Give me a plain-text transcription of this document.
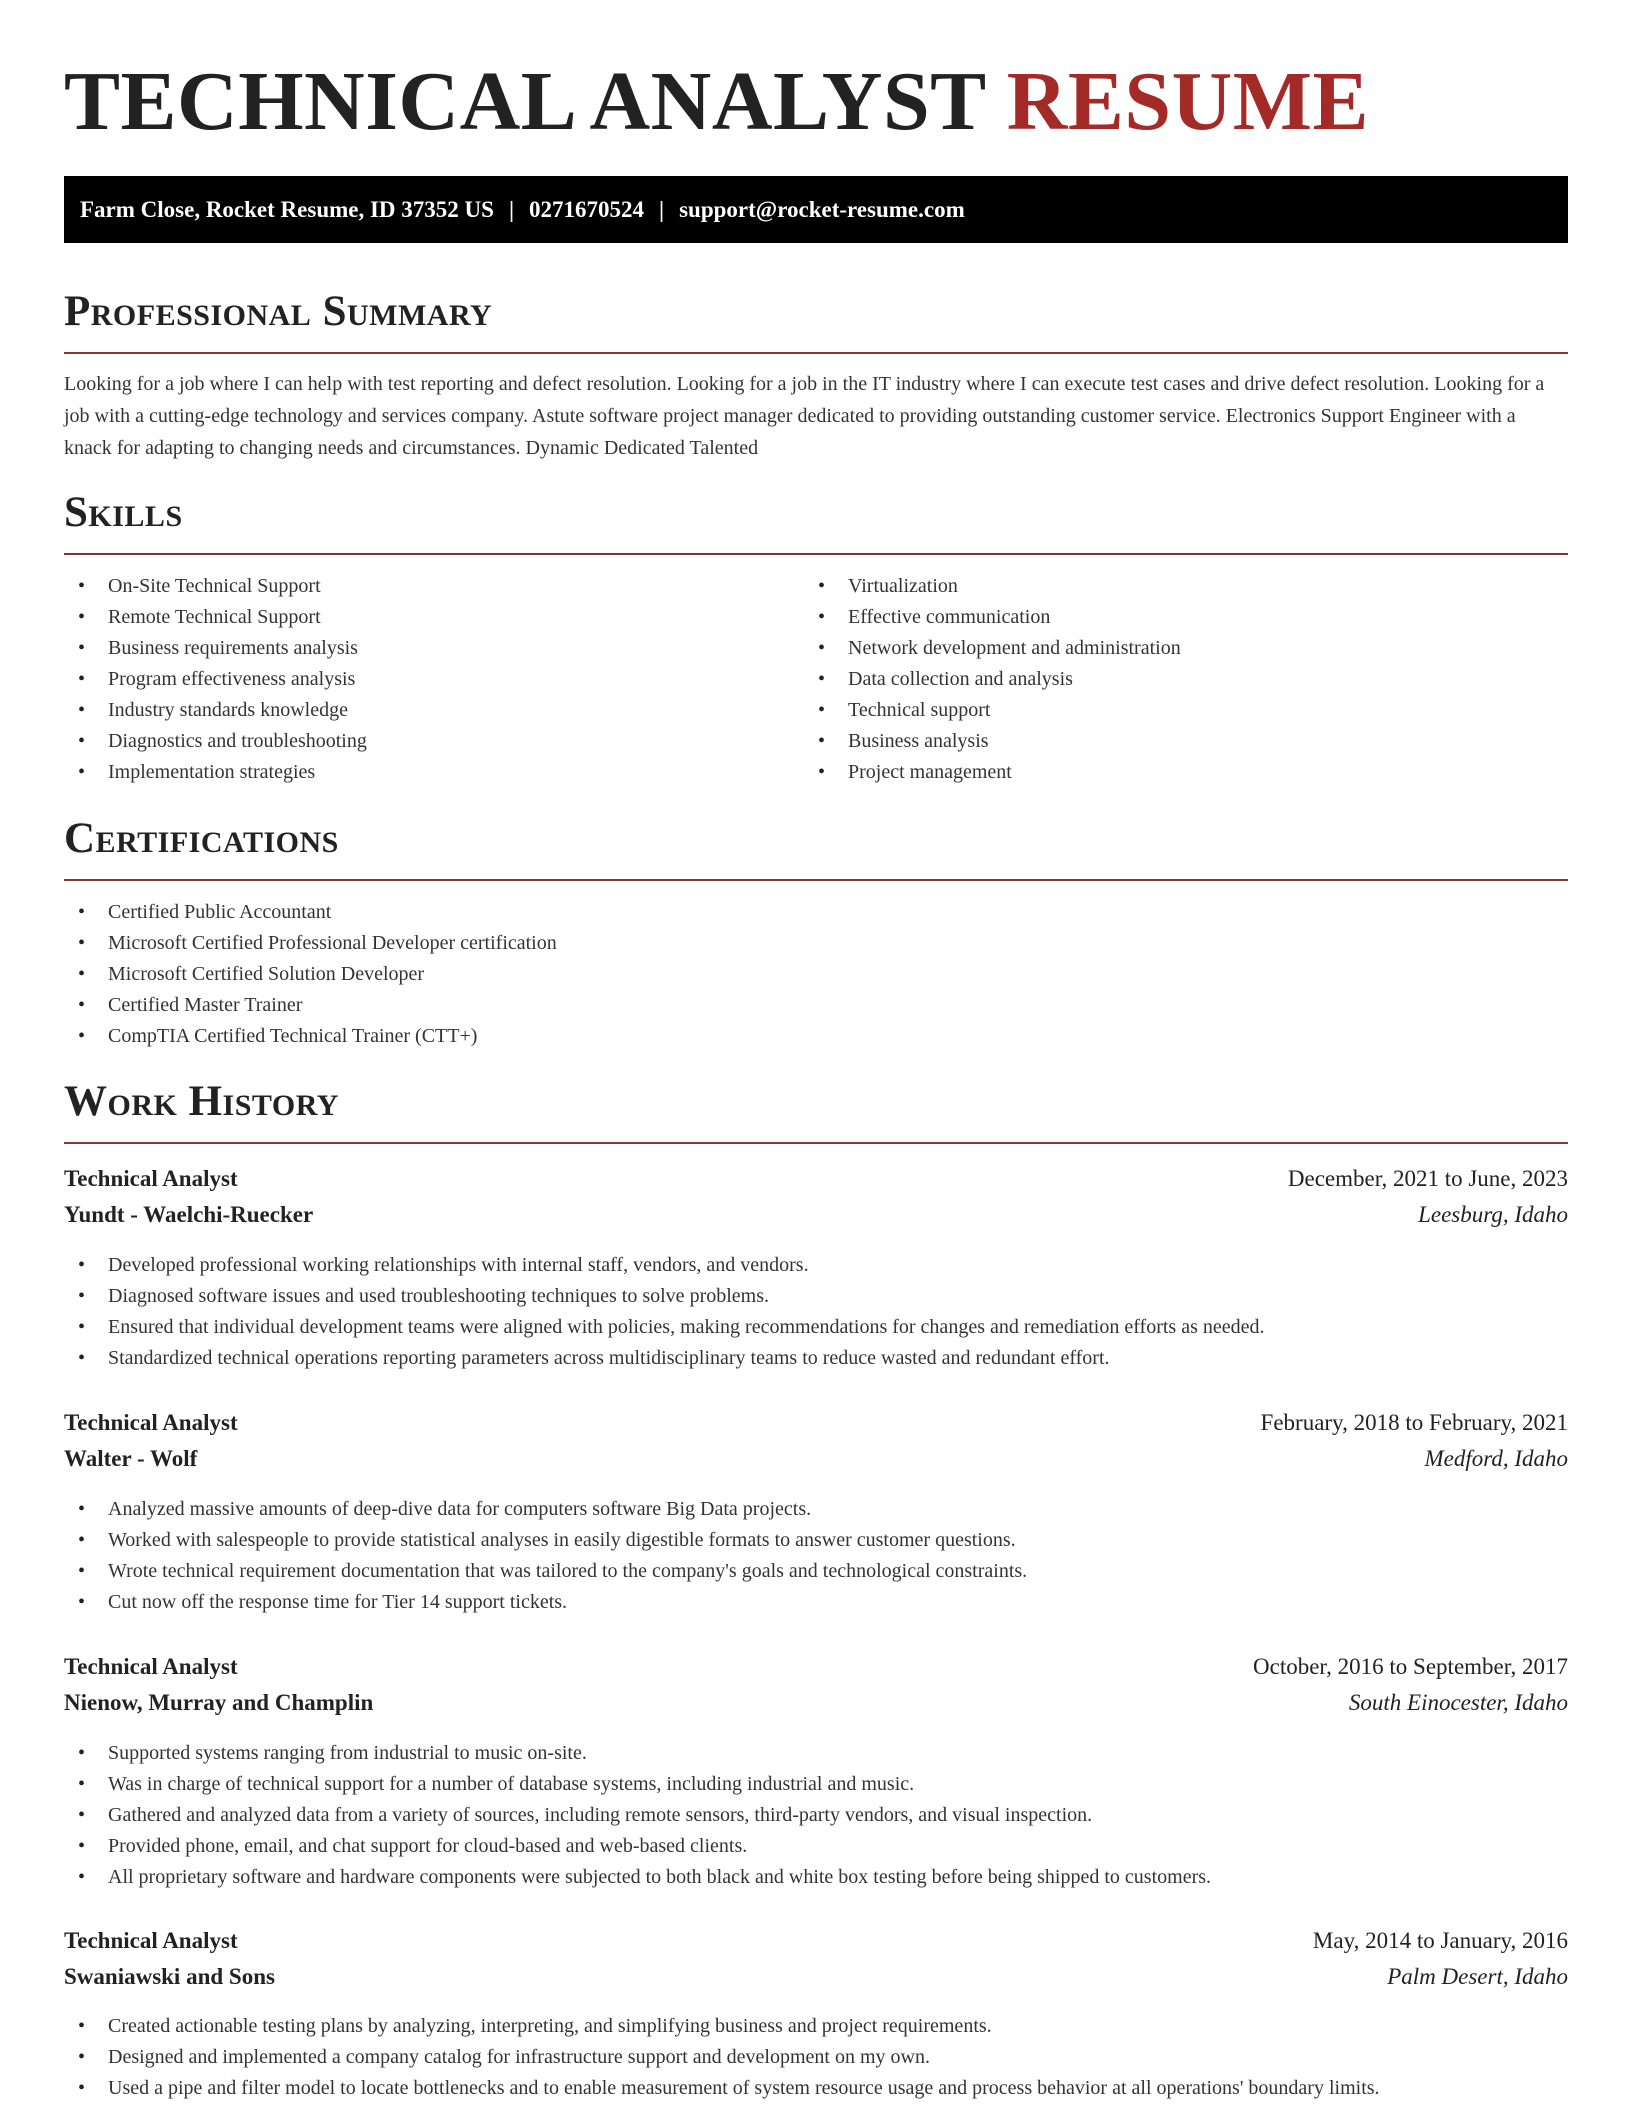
TECHNICAL ANALYST RESUME
Farm Close, Rocket Resume, ID 37352 US | 0271670524 | support@rocket-resume.com
Professional Summary

Looking for a job where I can help with test reporting and defect resolution. Looking for a job in the IT industry where I can execute test cases and drive defect resolution. Looking for a job with a cutting-edge technology and services company. Astute software project manager dedicated to providing outstanding customer service. Electronics Support Engineer with a knack for adapting to changing needs and circumstances. Dynamic Dedicated Talented

Skills
• On-Site Technical Support
• Remote Technical Support
• Business requirements analysis
• Program effectiveness analysis
• Industry standards knowledge
• Diagnostics and troubleshooting
• Implementation strategies
• Virtualization
• Effective communication
• Network development and administration
• Data collection and analysis
• Technical support
• Business analysis
• Project management
Certifications
• Certified Public Accountant
• Microsoft Certified Professional Developer certification
• Microsoft Certified Solution Developer
• Certified Master Trainer
• CompTIA Certified Technical Trainer (CTT+)
Work History
Technical Analyst	December, 2021 to June, 2023
Yundt - Waelchi-Ruecker	Leesburg, Idaho
• Developed professional working relationships with internal staff, vendors, and vendors.
• Diagnosed software issues and used troubleshooting techniques to solve problems.
• Ensured that individual development teams were aligned with policies, making recommendations for changes and remediation efforts as needed.
• Standardized technical operations reporting parameters across multidisciplinary teams to reduce wasted and redundant effort.
Technical Analyst	February, 2018 to February, 2021
Walter - Wolf	Medford, Idaho
• Analyzed massive amounts of deep-dive data for computers software Big Data projects.
• Worked with salespeople to provide statistical analyses in easily digestible formats to answer customer questions.
• Wrote technical requirement documentation that was tailored to the company's goals and technological constraints.
• Cut now off the response time for Tier 14 support tickets.
Technical Analyst	October, 2016 to September, 2017
Nienow, Murray and Champlin	South Einocester, Idaho
• Supported systems ranging from industrial to music on-site.
• Was in charge of technical support for a number of database systems, including industrial and music.
• Gathered and analyzed data from a variety of sources, including remote sensors, third-party vendors, and visual inspection.
• Provided phone, email, and chat support for cloud-based and web-based clients.
• All proprietary software and hardware components were subjected to both black and white box testing before being shipped to customers.
Technical Analyst	May, 2014 to January, 2016
Swaniawski and Sons	Palm Desert, Idaho
• Created actionable testing plans by analyzing, interpreting, and simplifying business and project requirements.
• Designed and implemented a company catalog for infrastructure support and development on my own.
• Used a pipe and filter model to locate bottlenecks and to enable measurement of system resource usage and process behavior at all operations' boundary limits.
